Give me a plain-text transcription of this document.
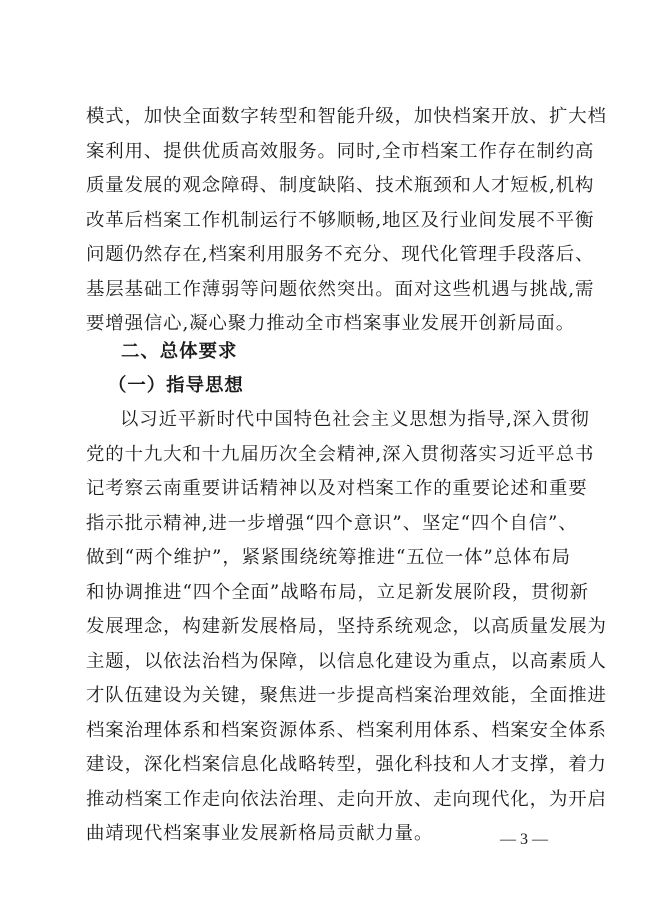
模式，加快全面数字转型和智能升级，加快档案开放、扩大档
案利用、提供优质高效服务。同时,全市档案工作存在制约高
质量发展的观念障碍、制度缺陷、技术瓶颈和人才短板,机构
改革后档案工作机制运行不够顺畅,地区及行业间发展不平衡
问题仍然存在,档案利用服务不充分、现代化管理手段落后、
基层基础工作薄弱等问题依然突出。面对这些机遇与挑战,需
要增强信心,凝心聚力推动全市档案事业发展开创新局面。
二、总体要求
（一）指导思想
以习近平新时代中国特色社会主义思想为指导,深入贯彻
党的十九大和十九届历次全会精神,深入贯彻落实习近平总书
记考察云南重要讲话精神以及对档案工作的重要论述和重要
指示批示精神,进一步增强“四个意识”、坚定“四个自信”、
做到“两个维护”，紧紧围绕统筹推进“五位一体”总体布局
和协调推进“四个全面”战略布局，立足新发展阶段，贯彻新
发展理念，构建新发展格局，坚持系统观念，以高质量发展为
主题，以依法治档为保障，以信息化建设为重点，以高素质人
才队伍建设为关键，聚焦进一步提高档案治理效能，全面推进
档案治理体系和档案资源体系、档案利用体系、档案安全体系
建设，深化档案信息化战略转型，强化科技和人才支撑，着力
推动档案工作走向依法治理、走向开放、走向现代化，为开启
曲靖现代档案事业发展新格局贡献力量。	— 3 —
